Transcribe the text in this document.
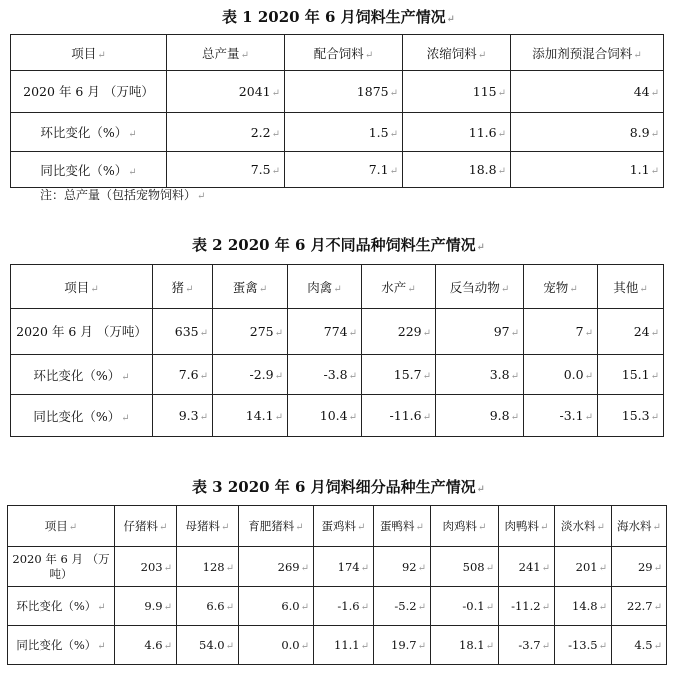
表 1 2020 年 6 月饲料生产情况↵
项目↵	总产量↵	配合饲料↵	浓缩饲料↵	添加剂预混合饲料↵

2020 年 6 月 （万吨）	2041↵	1875↵	115↵	44↵
环比变化（%）↵	2.2↵	1.5↵	11.6↵	8.9↵
同比变化（%）↵	7.5↵	7.1↵	18.8↵	1.1↵
注：总产量（包括宠物饲料）↵
表 2 2020 年 6 月不同品种饲料生产情况↵
项目↵	猪↵	蛋禽↵	肉禽↵	水产↵	反刍动物↵	宠物↵	其他↵

2020 年 6 月 （万吨）	635↵	275↵	774↵	229↵	97↵	7↵	24↵
环比变化（%）↵	7.6↵	-2.9↵	-3.8↵	15.7↵	3.8↵	0.0↵	15.1↵
同比变化（%）↵	9.3↵	14.1↵	10.4↵	-11.6↵	9.8↵	-3.1↵	15.3↵
表 3 2020 年 6 月饲料细分品种生产情况↵
项目↵	仔猪料↵	母猪料↵	育肥猪料↵	蛋鸡料↵	蛋鸭料↵	肉鸡料↵	肉鸭料↵	淡水料↵	海水料↵

2020 年 6 月 （万吨）	203↵	128↵	269↵	174↵	92↵	508↵	241↵	201↵	29↵
环比变化（%）↵	9.9↵	6.6↵	6.0↵	-1.6↵	-5.2↵	-0.1↵	-11.2↵	14.8↵	22.7↵
同比变化（%）↵	4.6↵	54.0↵	0.0↵	11.1↵	19.7↵	18.1↵	-3.7↵	-13.5↵	4.5↵
